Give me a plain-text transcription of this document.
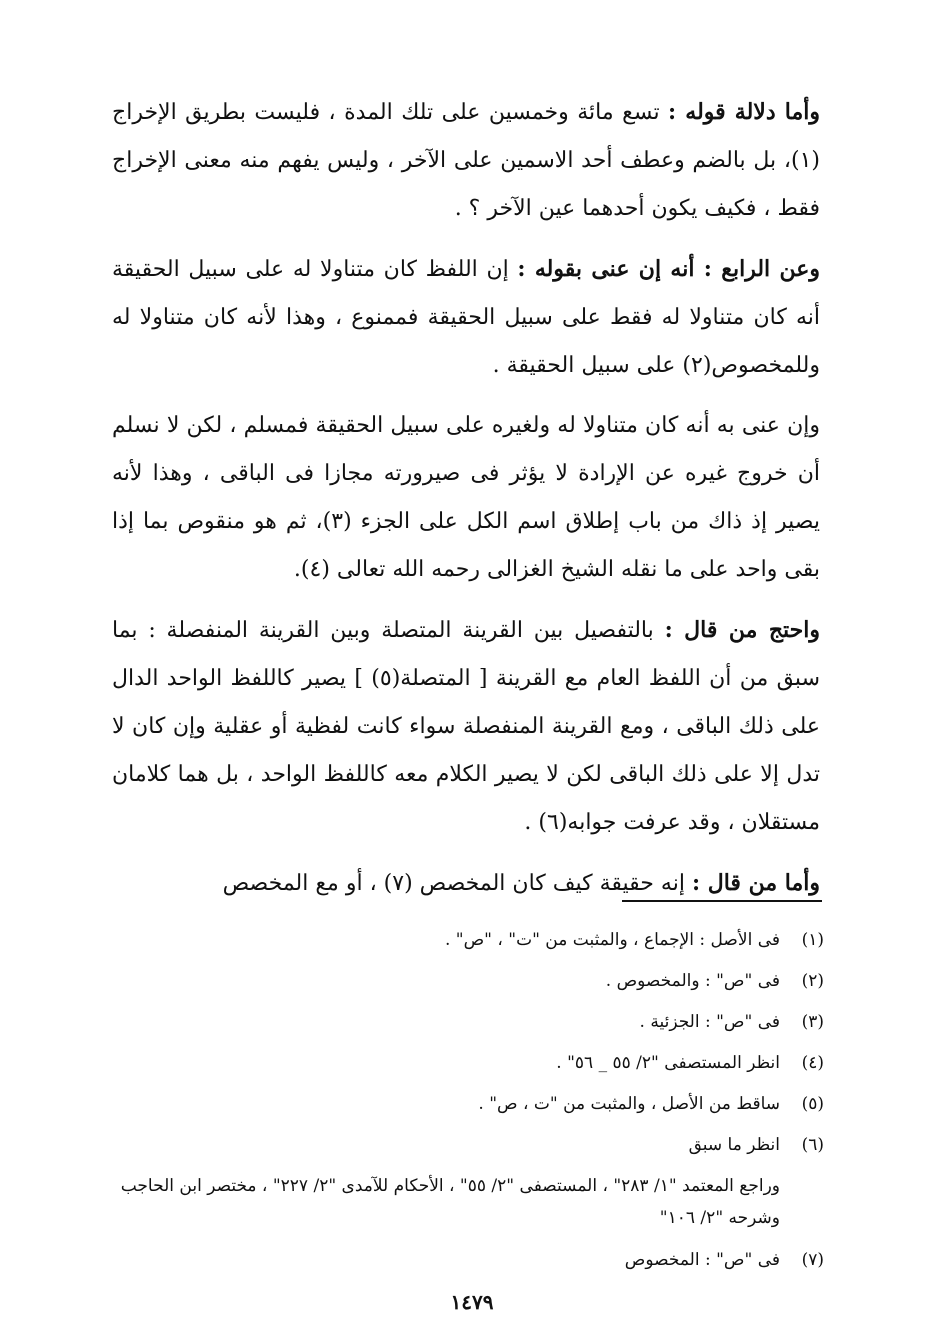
وأما دلالة قوله : تسع مائة وخمسين على تلك المدة ، فليست بطريق الإخراج (١)، بل بالضم وعطف أحد الاسمين على الآخر ، وليس يفهم منه معنى الإخراج فقط ، فكيف يكون أحدهما عين الآخر ؟ .

وعن الرابع : أنه إن عنى بقوله : إن اللفظ كان متناولا له على سبيل الحقيقة أنه كان متناولا له فقط على سبيل الحقيقة فممنوع ، وهذا لأنه كان متناولا له وللمخصوص(٢) على سبيل الحقيقة .

وإن عنى به أنه كان متناولا له ولغيره على سبيل الحقيقة فمسلم ، لكن لا نسلم أن خروج غيره عن الإرادة لا يؤثر فى صيرورته مجازا فى الباقى ، وهذا لأنه يصير إذ ذاك من باب إطلاق اسم الكل على الجزء (٣)، ثم هو منقوص بما إذا بقى واحد على ما نقله الشيخ الغزالى رحمه الله تعالى (٤).

واحتج من قال : بالتفصيل بين القرينة المتصلة وبين القرينة المنفصلة : بما سبق من أن اللفظ العام مع القرينة [ المتصلة(٥) ] يصير كاللفظ الواحد الدال على ذلك الباقى ، ومع القرينة المنفصلة سواء كانت لفظية أو عقلية وإن كان لا تدل إلا على ذلك الباقى لكن لا يصير الكلام معه كاللفظ الواحد ، بل هما كلامان مستقلان ، وقد عرفت جوابه(٦) .

وأما من قال : إنه حقيقة كيف كان المخصص (٧) ، أو مع المخصص

(١)
فى الأصل : الإجماع ، والمثبت من "ت" ، "ص" .
(٢)
فى "ص" : والمخصوص .
(٣)
فى "ص" : الجزئية .
(٤)
انظر المستصفى "٢/ ٥٥ _ ٥٦" .
(٥)
ساقط من الأصل ، والمثبت من "ت ، ص" .
(٦)
انظر ما سبق
وراجع المعتمد "١/ ٢٨٣" ، المستصفى "٢/ ٥٥" ، الأحكام للآمدى "٢/ ٢٢٧" ، مختصر ابن الحاجب وشرحه "٢/ ١٠٦"
(٧)
فى "ص" : المخصوص
١٤٧٩
